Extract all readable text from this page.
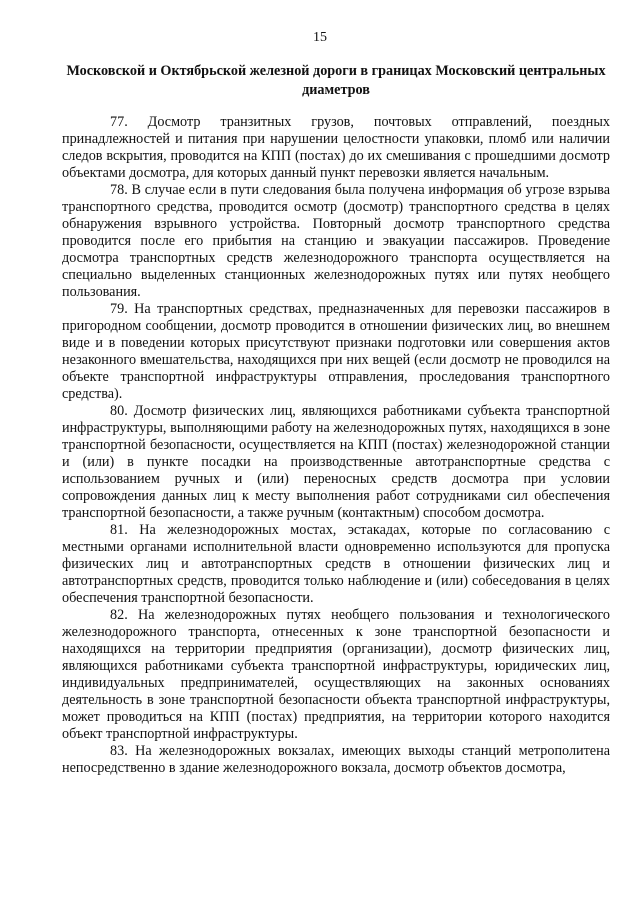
15
Московской и Октябрьской железной дороги в границах Московский центральных диаметров

77. Досмотр транзитных грузов, почтовых отправлений, поездных принадлежностей и питания при нарушении целостности упаковки, пломб или наличии следов вскрытия, проводится на КПП (постах) до их смешивания с прошедшими досмотр объектами досмотра, для которых данный пункт перевозки является начальным.

78. В случае если в пути следования была получена информация об угрозе взрыва транспортного средства, проводится осмотр (досмотр) транспортного средства в целях обнаружения взрывного устройства. Повторный досмотр транспортного средства проводится после его прибытия на станцию и эвакуации пассажиров. Проведение досмотра транспортных средств железнодорожного транспорта осуществляется на специально выделенных станционных железнодорожных путях или путях необщего пользования.

79. На транспортных средствах, предназначенных для перевозки пассажиров в пригородном сообщении, досмотр проводится в отношении физических лиц, во внешнем виде и в поведении которых присутствуют признаки подготовки или совершения актов незаконного вмешательства, находящихся при них вещей (если досмотр не проводился на объекте транспортной инфраструктуры отправления, проследования транспортного средства).

80. Досмотр физических лиц, являющихся работниками субъекта транспортной инфраструктуры, выполняющими работу на железнодорожных путях, находящихся в зоне транспортной безопасности, осуществляется на КПП (постах) железнодорожной станции и (или) в пункте посадки на производственные автотранспортные средства с использованием ручных и (или) переносных средств досмотра при условии сопровождения данных лиц к месту выполнения работ сотрудниками сил обеспечения транспортной безопасности, а также ручным (контактным) способом досмотра.

81. На железнодорожных мостах, эстакадах, которые по согласованию с местными органами исполнительной власти одновременно используются для пропуска физических лиц и автотранспортных средств в отношении физических лиц и автотранспортных средств, проводится только наблюдение и (или) собеседования в целях обеспечения транспортной безопасности.

82. На железнодорожных путях необщего пользования и технологического железнодорожного транспорта, отнесенных к зоне транспортной безопасности и находящихся на территории предприятия (организации), досмотр физических лиц, являющихся работниками субъекта транспортной инфраструктуры, юридических лиц, индивидуальных предпринимателей, осуществляющих на законных основаниях деятельность в зоне транспортной безопасности объекта транспортной инфраструктуры, может проводиться на КПП (постах) предприятия, на территории которого находится объект транспортной инфраструктуры.

83. На железнодорожных вокзалах, имеющих выходы станций метрополитена непосредственно в здание железнодорожного вокзала, досмотр объектов досмотра,
